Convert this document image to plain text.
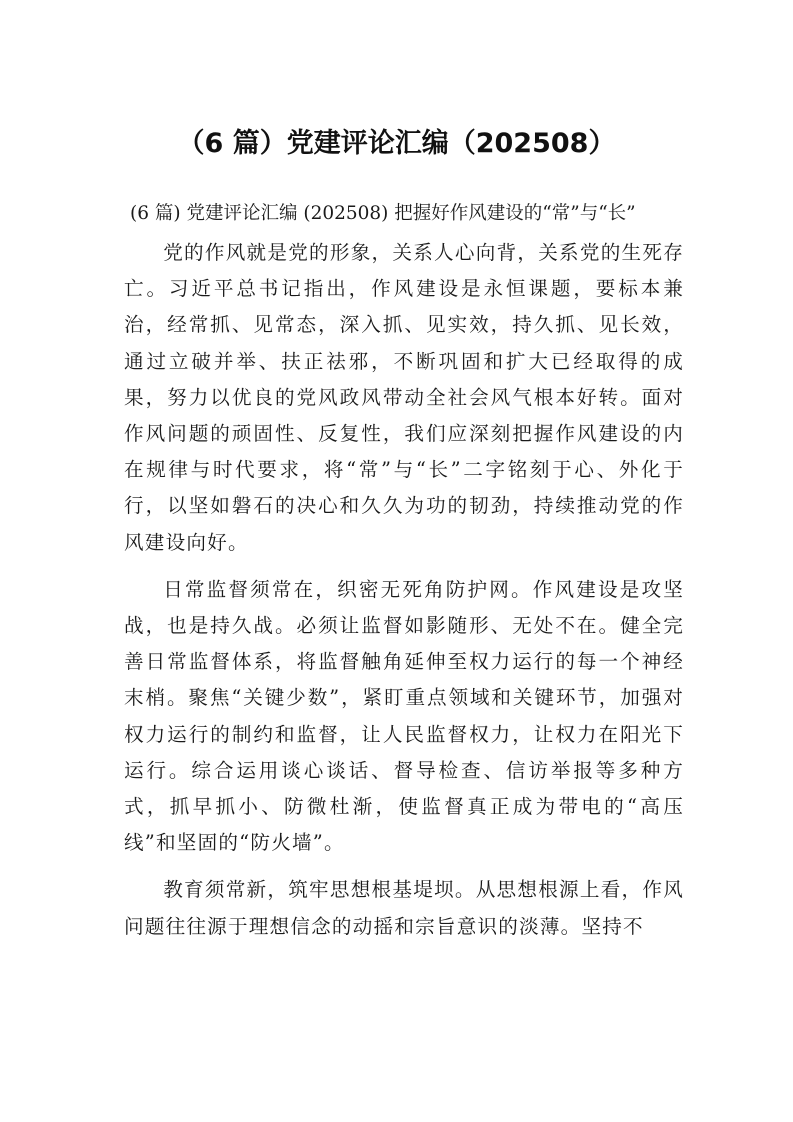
（6 篇）党建评论汇编（202508）

(6 篇) 党建评论汇编 (202508) 把握好作风建设的“常”与“长”

党的作风就是党的形象，关系人心向背，关系党的生死存亡。习近平总书记指出，作风建设是永恒课题，要标本兼治，经常抓、见常态，深入抓、见实效，持久抓、见长效，通过立破并举、扶正祛邪，不断巩固和扩大已经取得的成果，努力以优良的党风政风带动全社会风气根本好转。面对作风问题的顽固性、反复性，我们应深刻把握作风建设的内在规律与时代要求，将“常”与“长”二字铭刻于心、外化于行，以坚如磐石的决心和久久为功的韧劲，持续推动党的作风建设向好。

日常监督须常在，织密无死角防护网。作风建设是攻坚战，也是持久战。必须让监督如影随形、无处不在。健全完善日常监督体系，将监督触角延伸至权力运行的每一个神经末梢。聚焦“关键少数”，紧盯重点领域和关键环节，加强对权力运行的制约和监督，让人民监督权力，让权力在阳光下运行。综合运用谈心谈话、督导检查、信访举报等多种方式，抓早抓小、防微杜渐，使监督真正成为带电的“高压线”和坚固的“防火墙”。

教育须常新，筑牢思想根基堤坝。从思想根源上看，作风问题往往源于理想信念的动摇和宗旨意识的淡薄。坚持不
